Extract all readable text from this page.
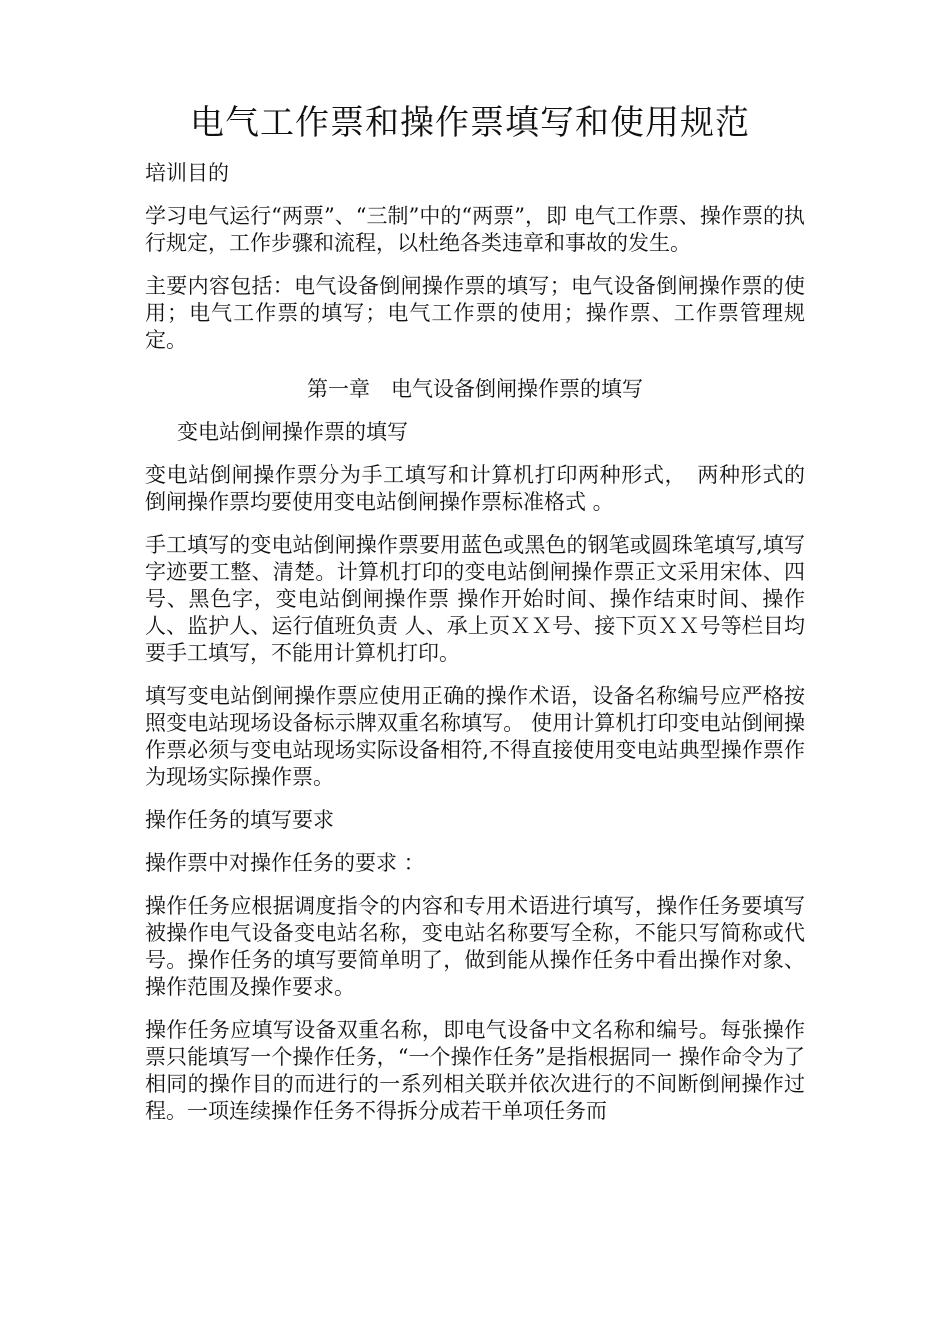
电气工作票和操作票填写和使用规范

培训目的

学习电气运行“两票”、“三制”中的“两票”，即 电气工作票、操作票的执行规定，工作步骤和流程，以杜绝各类违章和事故的发生。

主要内容包括：电气设备倒闸操作票的填写；电气设备倒闸操作票的使用；电气工作票的填写；电气工作票的使用；操作票、工作票管理规定。

第一章　电气设备倒闸操作票的填写

变电站倒闸操作票的填写

变电站倒闸操作票分为手工填写和计算机打印两种形式，　两种形式的倒闸操作票均要使用变电站倒闸操作票标准格式 。

手工填写的变电站倒闸操作票要用蓝色或黑色的钢笔或圆珠笔填写,填写字迹要工整、清楚。计算机打印的变电站倒闸操作票正文采用宋体、四号、黑色字，变电站倒闸操作票 操作开始时间、操作结束时间、操作人、监护人、运行值班负责 人、承上页ＸＸ号、接下页ＸＸ号等栏目均要手工填写，不能用计算机打印。

填写变电站倒闸操作票应使用正确的操作术语，设备名称编号应严格按照变电站现场设备标示牌双重名称填写。 使用计算机打印变电站倒闸操作票必须与变电站现场实际设备相符,不得直接使用变电站典型操作票作为现场实际操作票。

操作任务的填写要求

操作票中对操作任务的要求 ：

操作任务应根据调度指令的内容和专用术语进行填写，操作任务要填写被操作电气设备变电站名称，变电站名称要写全称，不能只写简称或代号。操作任务的填写要简单明了，做到能从操作任务中看出操作对象、操作范围及操作要求。

操作任务应填写设备双重名称，即电气设备中文名称和编号。每张操作票只能填写一个操作任务，“一个操作任务”是指根据同一 操作命令为了相同的操作目的而进行的一系列相关联并依次进行的不间断倒闸操作过程。一项连续操作任务不得拆分成若干单项任务而
